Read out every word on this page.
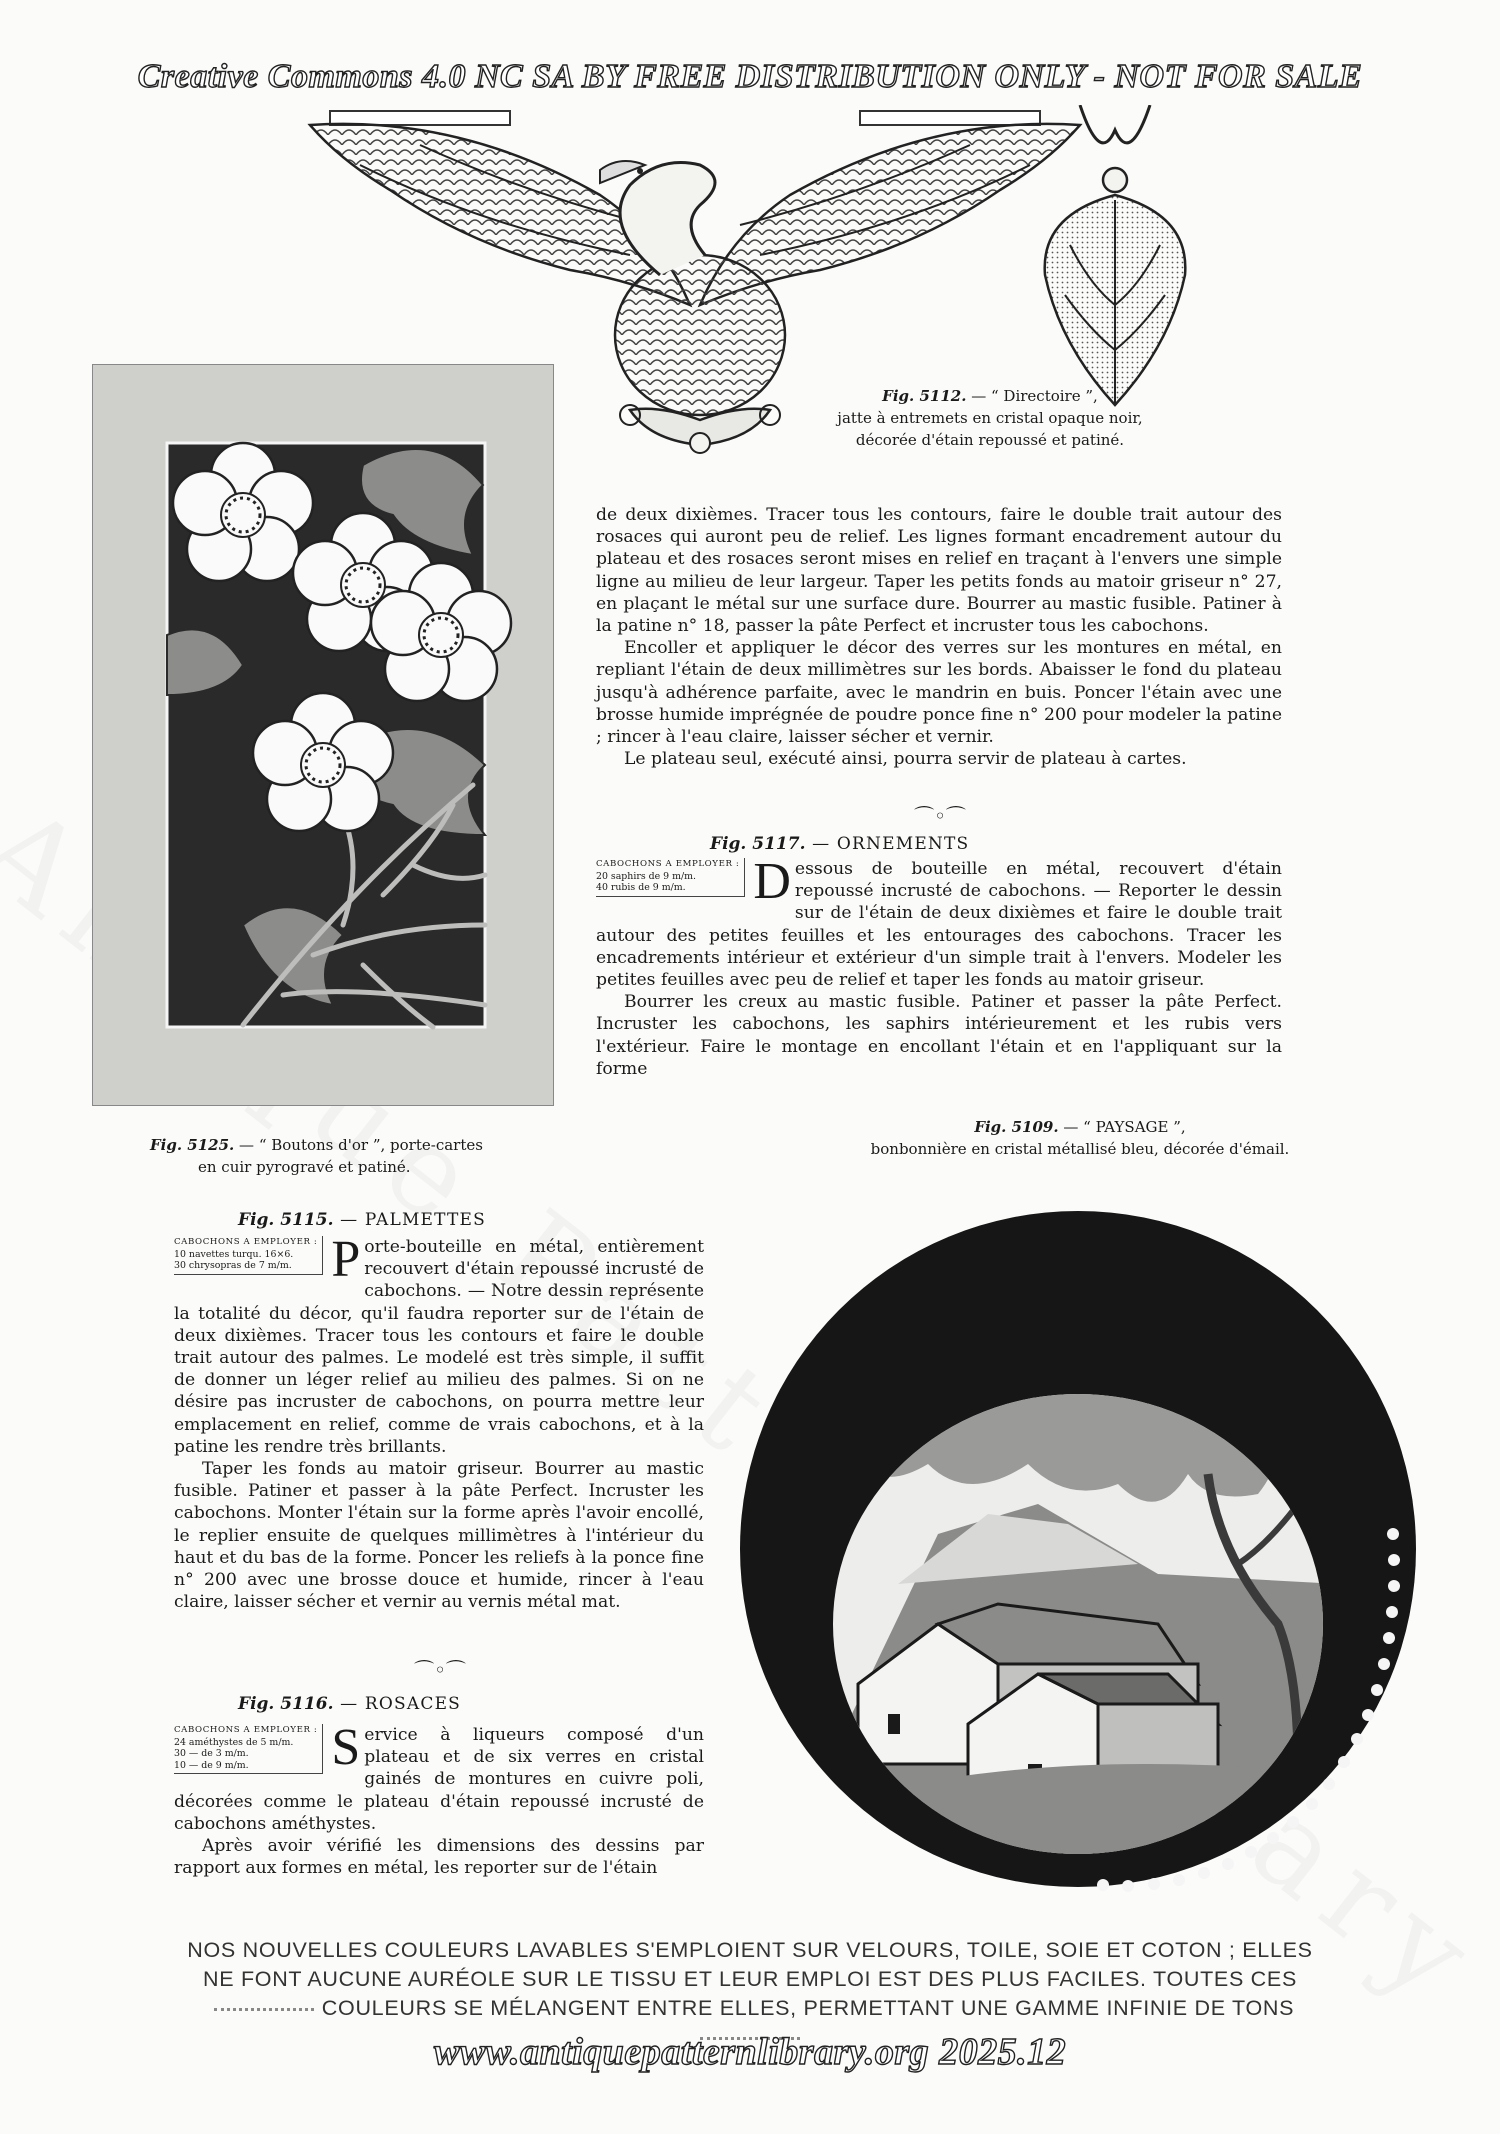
Creative Commons 4.0 NC SA BY FREE DISTRIBUTION ONLY - NOT FOR SALE
Fig. 5112. — “ Directoire ”,
jatte à entremets en cristal opaque noir,
décorée d'étain repoussé et patiné.
Fig. 5125. — “ Boutons d'or ”, porte-cartes
en cuir pyrogravé et patiné.

de deux dixièmes. Tracer tous les contours, faire le double trait autour des rosaces qui auront peu de relief. Les lignes formant encadrement autour du plateau et des rosaces seront mises en relief en traçant à l'envers une simple ligne au milieu de leur largeur. Taper les petits fonds au matoir griseur n° 27, en plaçant le métal sur une surface dure. Bourrer au mastic fusible. Patiner à la patine n° 18, passer la pâte Perfect et incruster tous les cabochons.

Encoller et appliquer le décor des verres sur les montures en métal, en repliant l'étain de deux millimètres sur les bords. Abaisser le fond du plateau jusqu'à adhérence parfaite, avec le mandrin en buis. Poncer l'étain avec une brosse humide imprégnée de poudre ponce fine n° 200 pour modeler la patine ; rincer à l'eau claire, laisser sécher et vernir.

Le plateau seul, exécuté ainsi, pourra servir de plateau à cartes.

⌒◦⌒
Fig. 5117. — ORNEMENTS
CABOCHONS A EMPLOYER :
20 saphirs de 9 m/m.
40 rubis de 9 m/m.	D essous de bouteille en métal, recouvert d'étain repoussé incrusté de cabochons. — Reporter le dessin sur de l'étain de deux dixièmes et faire le double trait autour des petites feuilles et les entourages des cabochons. Tracer les encadrements intérieur et extérieur d'un simple trait à l'envers. Modeler les petites feuilles avec peu de relief et taper les fonds au matoir griseur.

Bourrer les creux au mastic fusible. Patiner et passer la pâte Perfect. Incruster les cabochons, les saphirs intérieurement et les rubis vers l'extérieur. Faire le montage en encollant l'étain et en l'appliquant sur la forme

Fig. 5109. — “ PAYSAGE ”,
bonbonnière en cristal métallisé bleu, décorée d'émail.
Fig. 5115. — PALMETTES
CABOCHONS A EMPLOYER :
10 navettes turqu. 16×6.
30 chrysopras de 7 m/m. P orte-bouteille en métal, entièrement recouvert d'étain repoussé incrusté de cabochons. — Notre dessin représente la totalité du décor, qu'il faudra reporter sur de l'étain de deux dixièmes. Tracer tous les contours et faire le double trait autour des palmes. Le modelé est très simple, il suffit de donner un léger relief au milieu des palmes. Si on ne désire pas incruster de cabochons, on pourra mettre leur emplacement en relief, comme de vrais cabochons, et à la patine les rendre très brillants.

Taper les fonds au matoir griseur. Bourrer au mastic fusible. Patiner et passer à la pâte Perfect. Incruster les cabochons. Monter l'étain sur la forme après l'avoir encollé, le replier ensuite de quelques millimètres à l'intérieur du haut et du bas de la forme. Poncer les reliefs à la ponce fine n° 200 avec une brosse douce et humide, rincer à l'eau claire, laisser sécher et vernir au vernis métal mat.

⌒◦⌒
Fig. 5116. — ROSACES
CABOCHONS A EMPLOYER :
24 améthystes de 5 m/m.
30 — de 3 m/m.
10 — de 9 m/m.	S ervice à liqueurs composé d'un plateau et de six verres en cristal gainés de montures en cuivre poli, décorées comme le plateau d'étain repoussé incrusté de cabochons améthystes.

Après avoir vérifié les dimensions des dessins par rapport aux formes en métal, les reporter sur de l'étain

NOS NOUVELLES COULEURS LAVABLES S'EMPLOIENT SUR VELOURS, TOILE, SOIE ET COTON ; ELLES
NE FONT AUCUNE AURÉOLE SUR LE TISSU ET LEUR EMPLOI EST DES PLUS FACILES. TOUTES CES
COULEURS SE MÉLANGENT ENTRE ELLES, PERMETTANT UNE GAMME INFINIE DE TONS
www.antiquepatternlibrary.org 2025.12
